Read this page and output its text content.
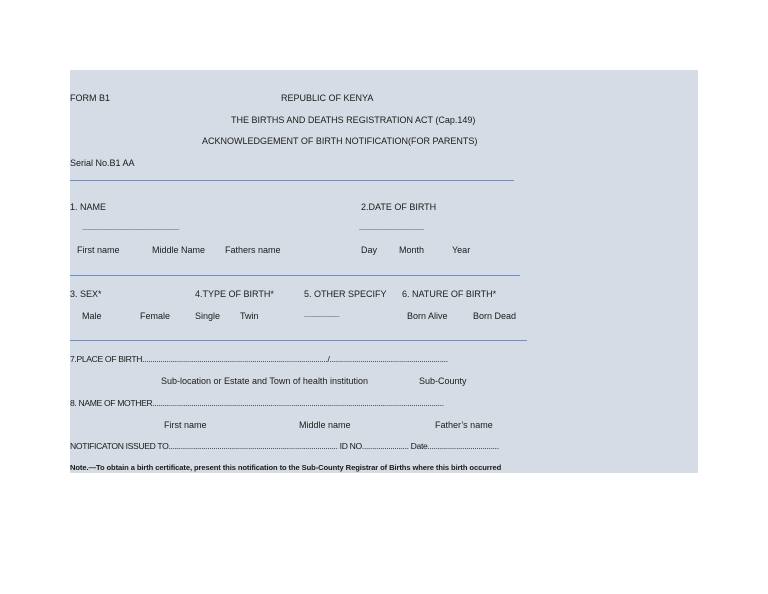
FORM B1	REPUBLIC OF KENYA
THE BIRTHS AND DEATHS REGISTRATION ACT (Cap.149)
ACKNOWLEDGEMENT OF BIRTH NOTIFICATION(FOR PARENTS)
Serial No.B1 AA
1. NAME	2.DATE OF BIRTH
...........................................................................................	.............................................................
First name	Middle Name Fathers name	Day Month	Year
3. SEX*	4.TYPE OF BIRTH*	5. OTHER SPECIFY 6. NATURE OF BIRTH*
Male	Female	Single Twin	.................................	Born Alive	Born Dead
7.PLACE OF BIRTH.........................................................................................../..........................................................
Sub-location or Estate and Town of health institution	Sub-County
8. NAME OF MOTHER...............................................................................................................................................
First name	Middle name	Father’s name
NOTIFICATON ISSUED TO................................................................................... ID NO....................... Date...................................
Note.—To obtain a birth certificate, present this notification to the Sub-County Registrar of Births where this birth occurred
